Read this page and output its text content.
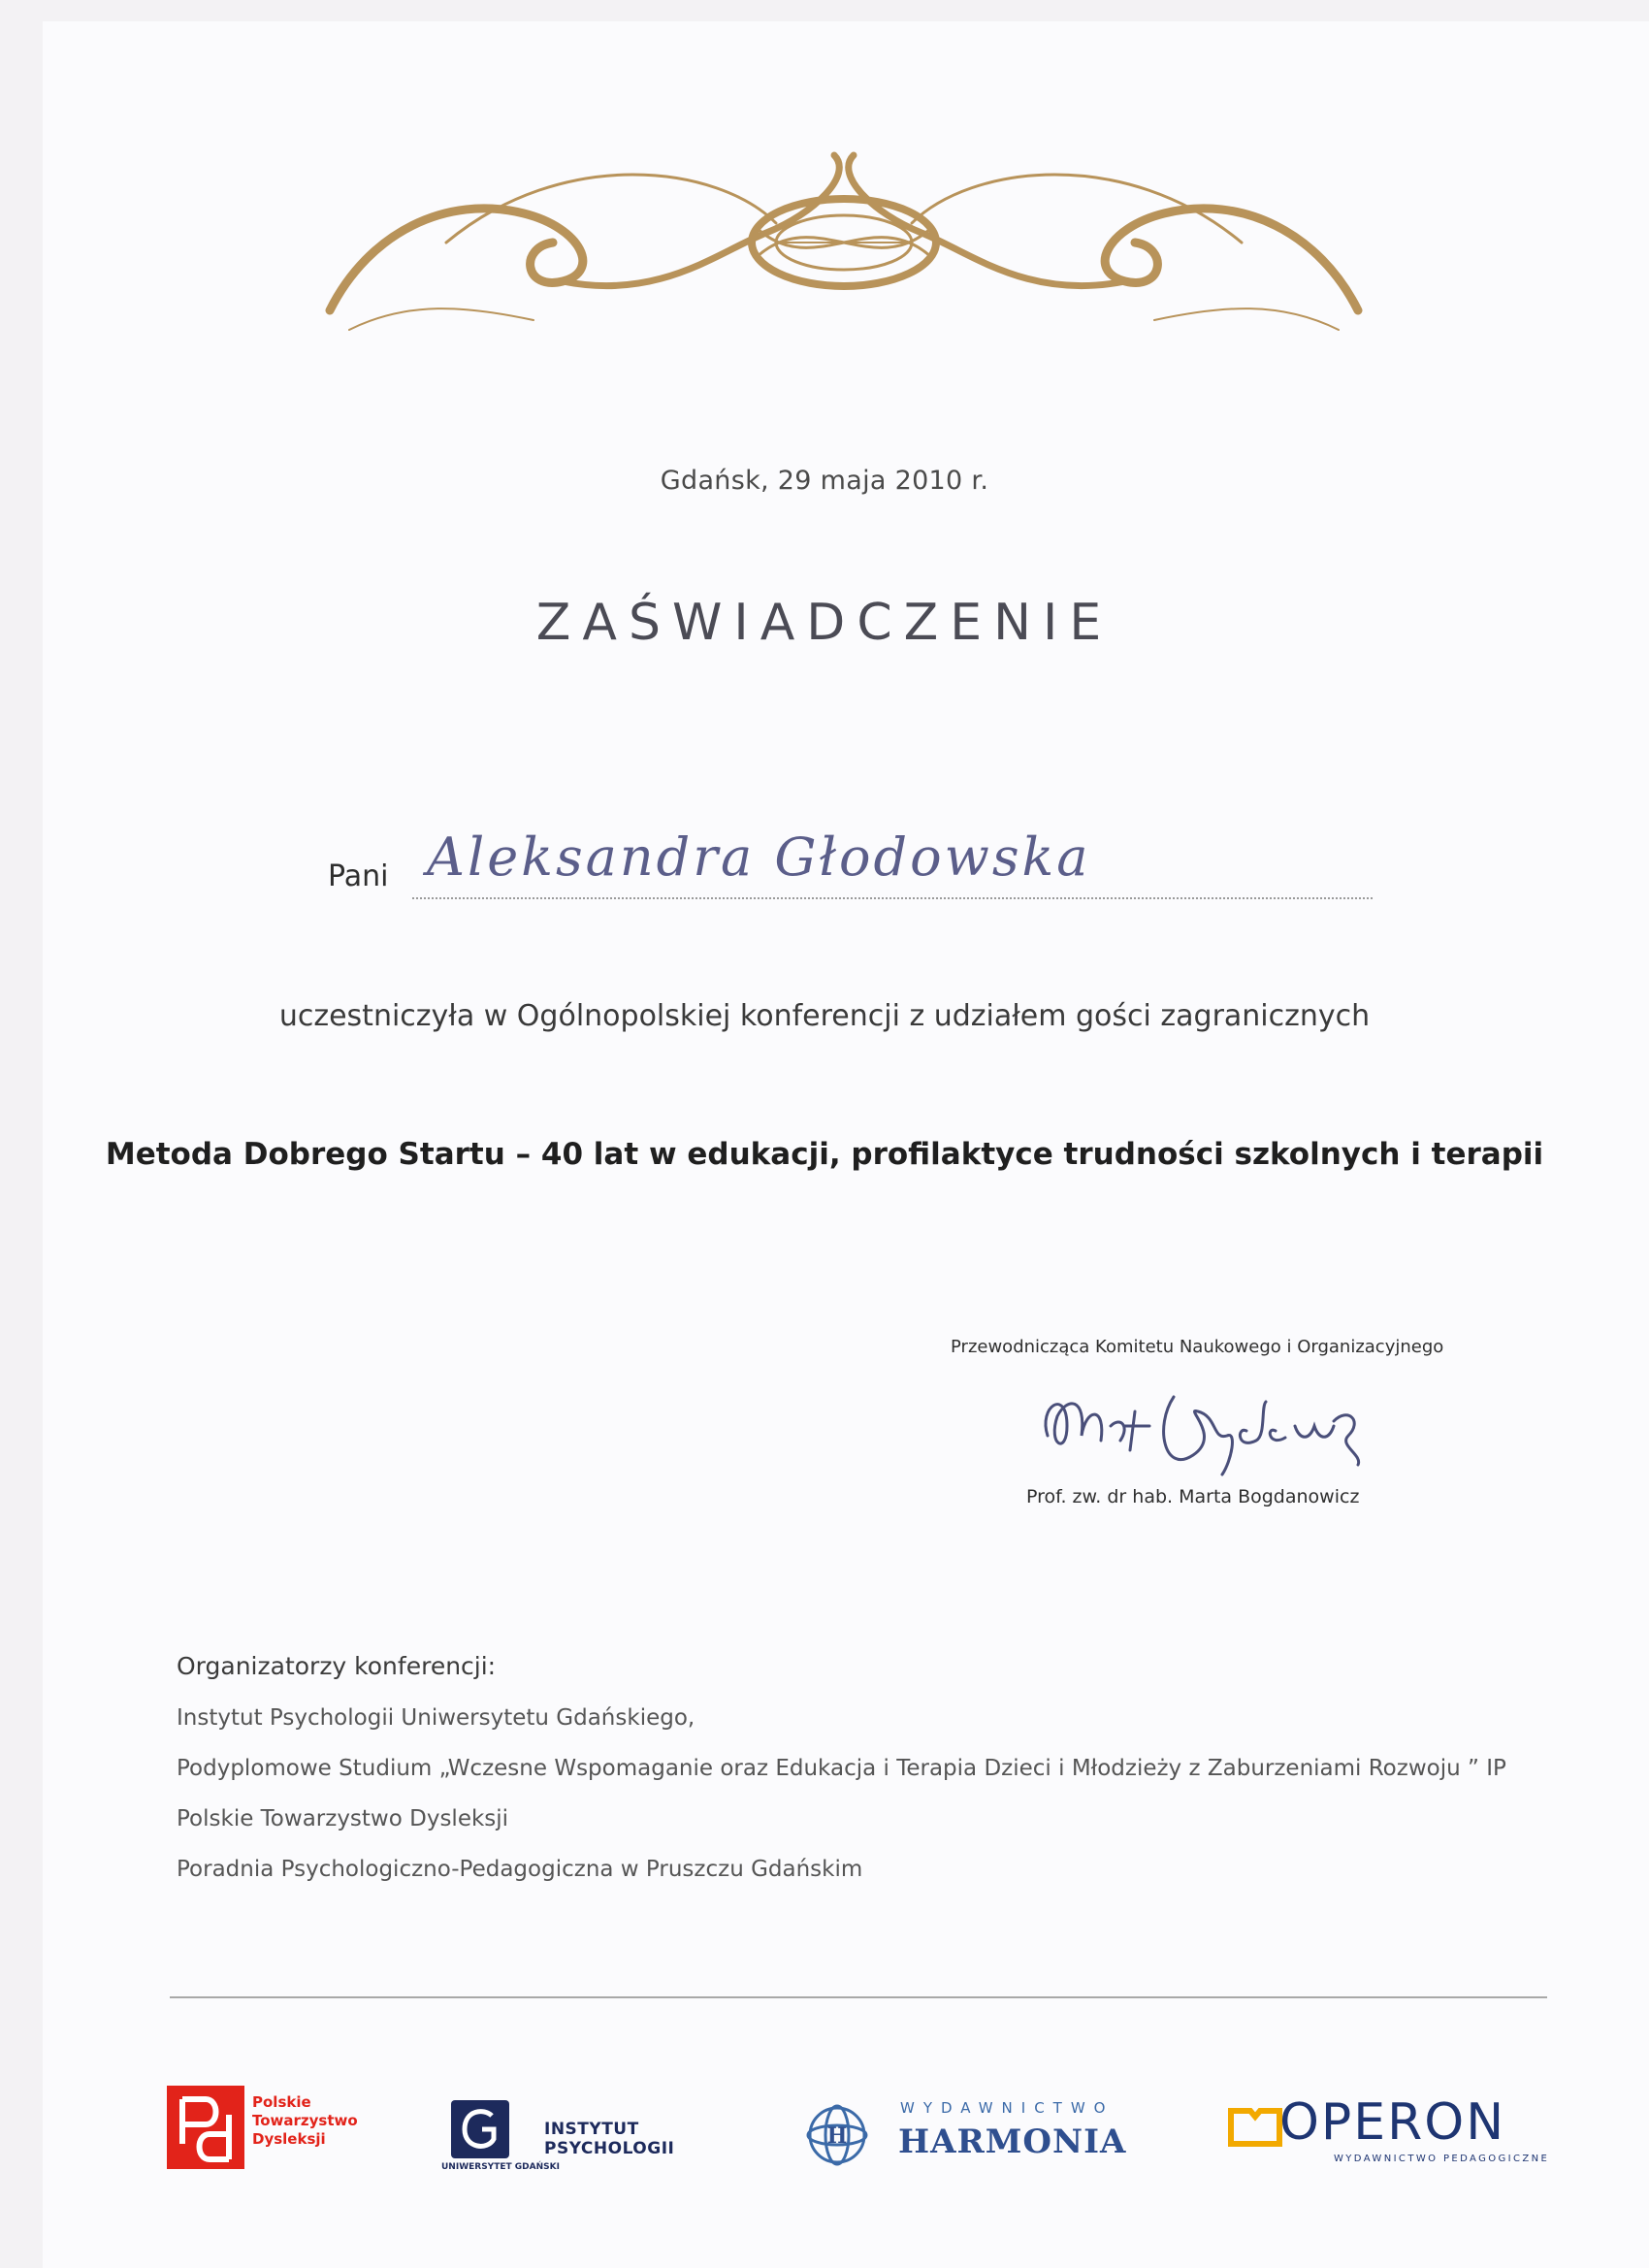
Gdańsk, 29 maja 2010 r.
ZAŚWIADCZENIE
Pani Aleksandra Głodowska
uczestniczyła w Ogólnopolskiej konferencji z udziałem gości zagranicznych
Metoda Dobrego Startu – 40 lat w edukacji, profilaktyce trudności szkolnych i terapii
Przewodnicząca Komitetu Naukowego i Organizacyjnego
Prof. zw. dr hab. Marta Bogdanowicz
Organizatorzy konferencji:
Instytut Psychologii Uniwersytetu Gdańskiego,
Podyplomowe Studium „Wczesne Wspomaganie oraz Edukacja i Terapia Dzieci i Młodzieży z Zaburzeniami Rozwoju ” IP
Polskie Towarzystwo Dysleksji
Poradnia Psychologiczno-Pedagogiczna w Pruszczu Gdańskim
Polskie
Towarzystwo
Dysleksji
UNIWERSYTET GDAŃSKI
INSTYTUT PSYCHOLOGII	H
WYDAWNICTWO
HARMONIA	OPERON
WYDAWNICTWO PEDAGOGICZNE
